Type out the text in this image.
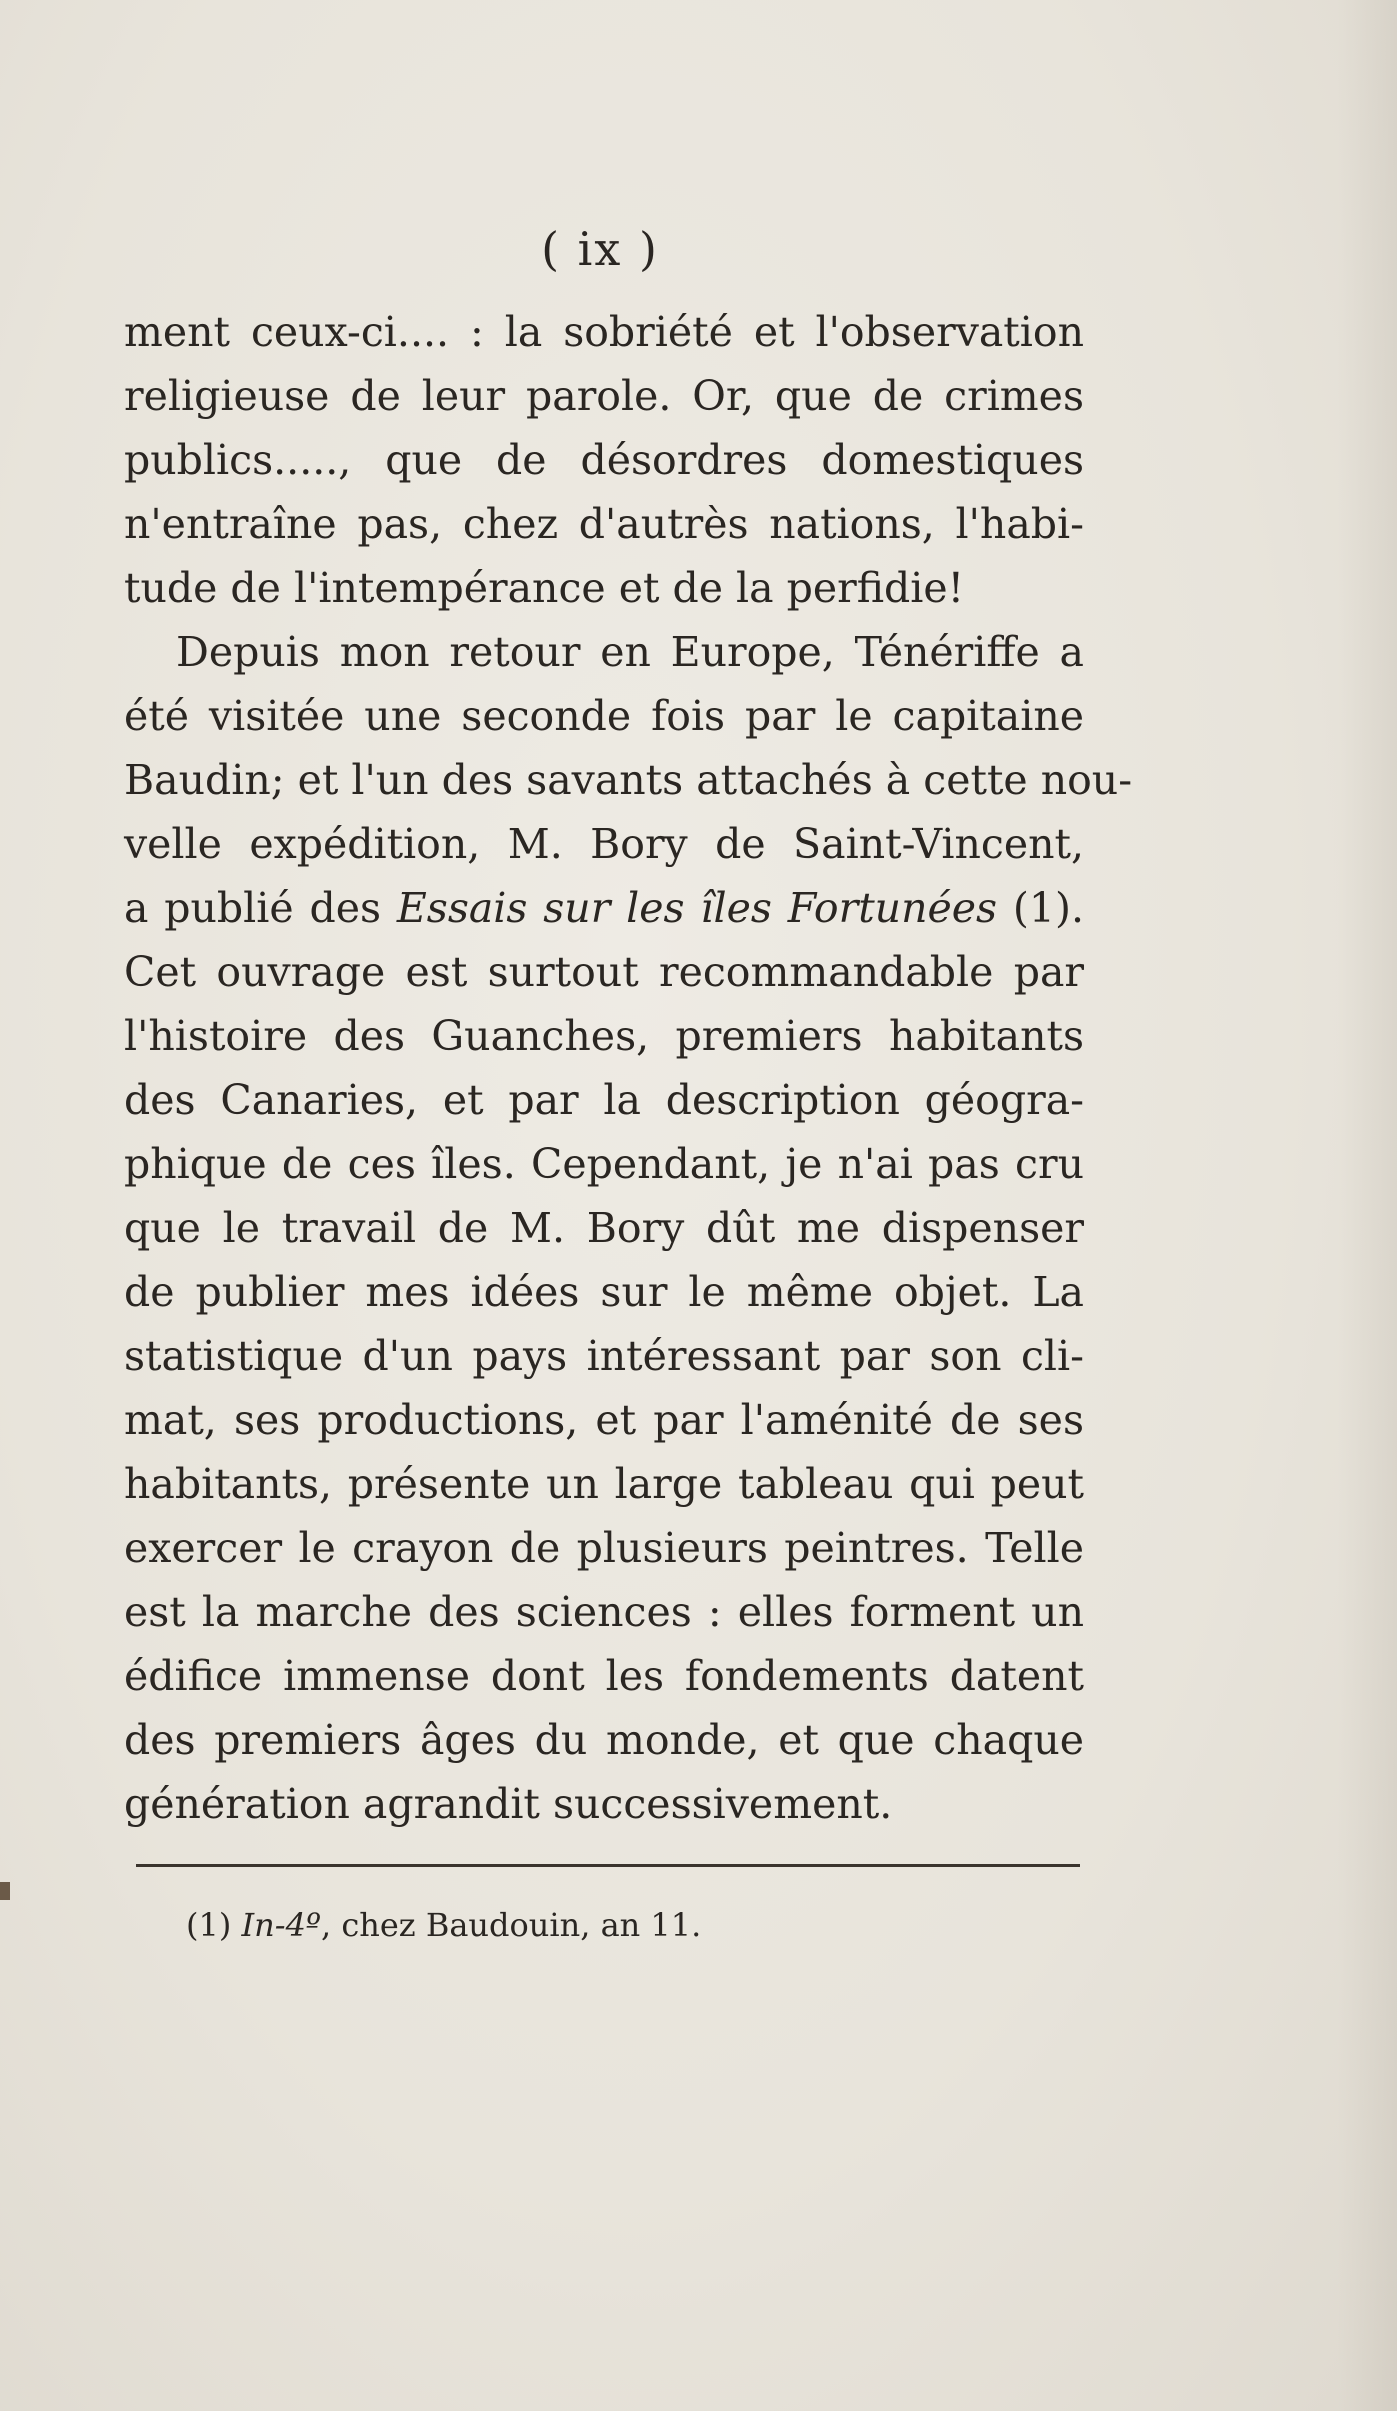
( ix )
ment ceux-ci.... : la sobriété et l'observation
religieuse de leur parole. Or, que de crimes
publics....., que de désordres domestiques
n'entraîne pas, chez d'autrès nations, l'habi-
tude de l'intempérance et de la perfidie!
Depuis mon retour en Europe, Ténériffe a
été visitée une seconde fois par le capitaine
Baudin; et l'un des savants attachés à cette nou-
velle expédition, M. Bory de Saint-Vincent,
a publié des Essais sur les îles Fortunées (1).
Cet ouvrage est surtout recommandable par
l'histoire des Guanches, premiers habitants
des Canaries, et par la description géogra-
phique de ces îles. Cependant, je n'ai pas cru
que le travail de M. Bory dût me dispenser
de publier mes idées sur le même objet. La
statistique d'un pays intéressant par son cli-
mat, ses productions, et par l'aménité de ses
habitants, présente un large tableau qui peut
exercer le crayon de plusieurs peintres. Telle
est la marche des sciences : elles forment un
édifice immense dont les fondements datent
des premiers âges du monde, et que chaque
génération agrandit successivement.
(1) In-4º, chez Baudouin, an 11.
